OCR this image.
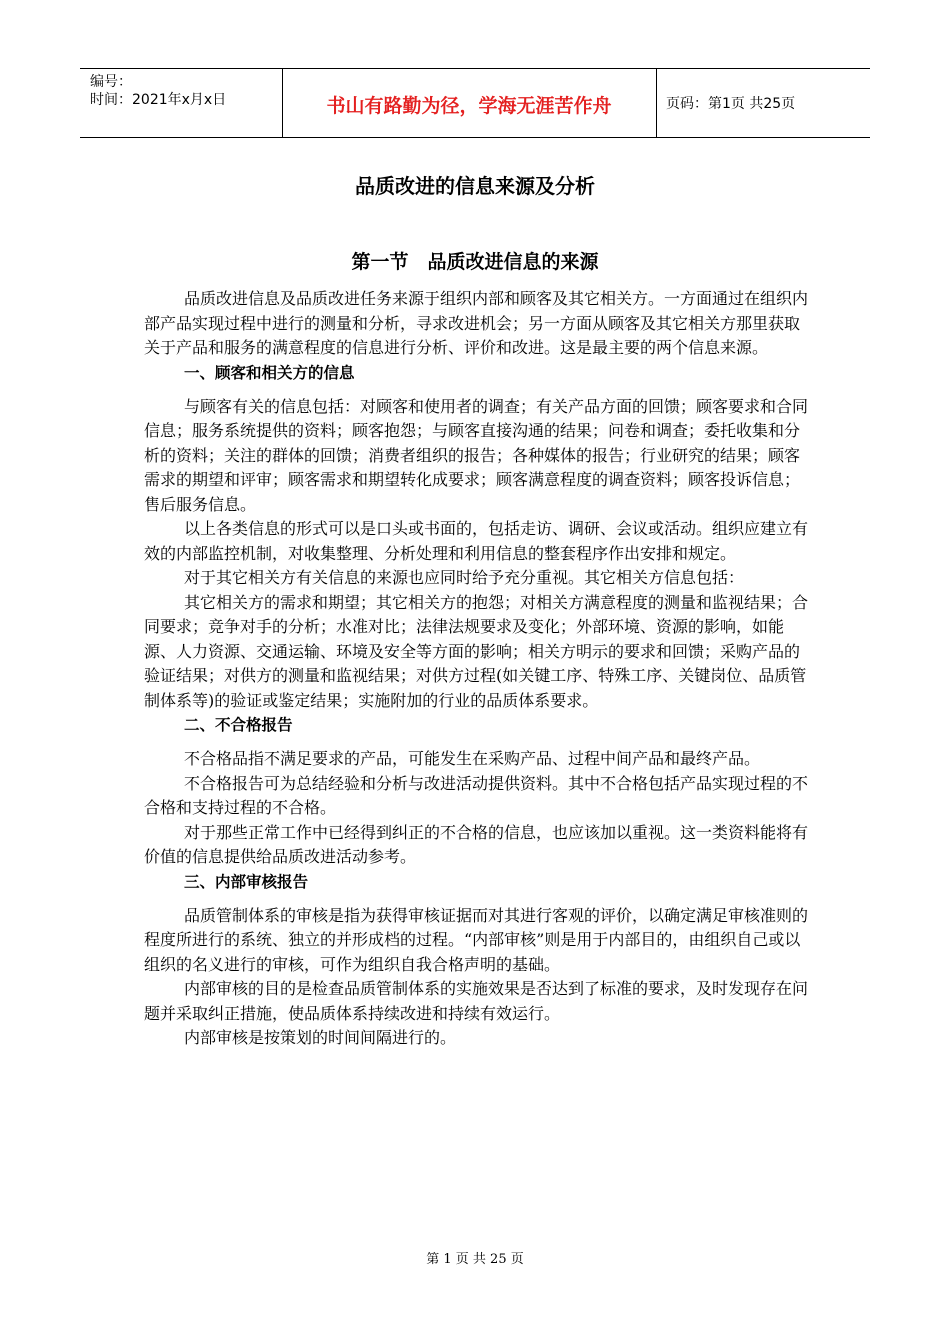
编号：
时间：2021年x月x日	书山有路勤为径，学海无涯苦作舟	页码：第1页 共25页
品质改进的信息来源及分析
第一节　品质改进信息的来源

品质改进信息及品质改进任务来源于组织内部和顾客及其它相关方。一方面通过在组织内部产品实现过程中进行的测量和分析，寻求改进机会；另一方面从顾客及其它相关方那里获取关于产品和服务的满意程度的信息进行分析、评价和改进。这是最主要的两个信息来源。

一、顾客和相关方的信息

与顾客有关的信息包括：对顾客和使用者的调查；有关产品方面的回馈；顾客要求和合同信息；服务系统提供的资料；顾客抱怨；与顾客直接沟通的结果；问卷和调查；委托收集和分析的资料；关注的群体的回馈；消费者组织的报告；各种媒体的报告；行业研究的结果；顾客需求的期望和评审；顾客需求和期望转化成要求；顾客满意程度的调查资料；顾客投诉信息；售后服务信息。

以上各类信息的形式可以是口头或书面的，包括走访、调研、会议或活动。组织应建立有效的内部监控机制，对收集整理、分析处理和利用信息的整套程序作出安排和规定。

对于其它相关方有关信息的来源也应同时给予充分重视。其它相关方信息包括：

其它相关方的需求和期望；其它相关方的抱怨；对相关方满意程度的测量和监视结果；合同要求；竞争对手的分析；水准对比；法律法规要求及变化；外部环境、资源的影响，如能源、人力资源、交通运输、环境及安全等方面的影响；相关方明示的要求和回馈；采购产品的验证结果；对供方的测量和监视结果；对供方过程(如关键工序、特殊工序、关键岗位、品质管制体系等)的验证或鉴定结果；实施附加的行业的品质体系要求。

二、不合格报告

不合格品指不满足要求的产品，可能发生在采购产品、过程中间产品和最终产品。

不合格报告可为总结经验和分析与改进活动提供资料。其中不合格包括产品实现过程的不合格和支持过程的不合格。

对于那些正常工作中已经得到纠正的不合格的信息，也应该加以重视。这一类资料能将有价值的信息提供给品质改进活动参考。

三、内部审核报告

品质管制体系的审核是指为获得审核证据而对其进行客观的评价，以确定满足审核准则的程度所进行的系统、独立的并形成档的过程。“内部审核”则是用于内部目的，由组织自己或以组织的名义进行的审核，可作为组织自我合格声明的基础。

内部审核的目的是检查品质管制体系的实施效果是否达到了标准的要求，及时发现存在问题并采取纠正措施，使品质体系持续改进和持续有效运行。

内部审核是按策划的时间间隔进行的。

第 1 页 共 25 页
